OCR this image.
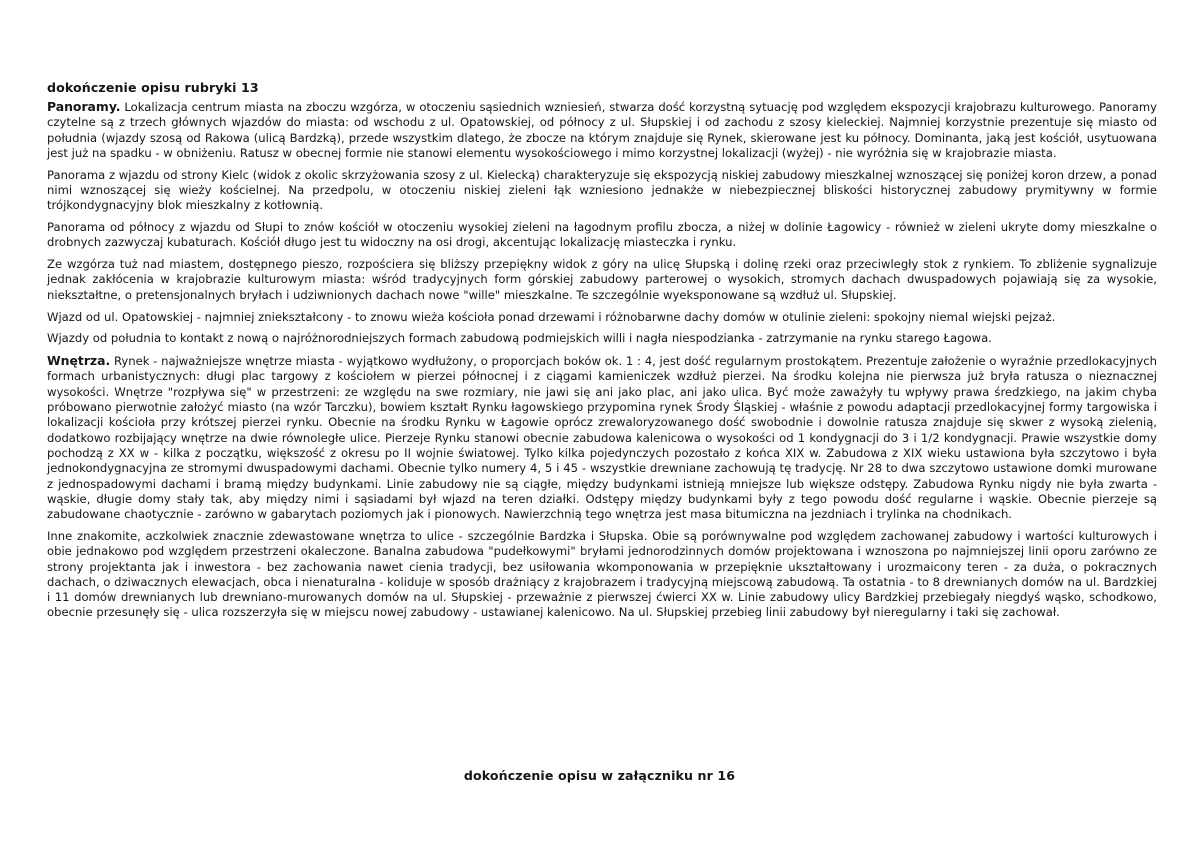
dokończenie opisu rubryki 13

Panoramy. Lokalizacja centrum miasta na zboczu wzgórza, w otoczeniu sąsiednich wzniesień, stwarza dość korzystną sytuację pod względem ekspozycji krajobrazu kulturowego. Panoramy czytelne są z trzech głównych wjazdów do miasta: od wschodu z ul. Opatowskiej, od północy z ul. Słupskiej i od zachodu z szosy kieleckiej. Najmniej korzystnie prezentuje się miasto od południa (wjazdy szosą od Rakowa (ulicą Bardzką), przede wszystkim dlatego, że zbocze na którym znajduje się Rynek, skierowane jest ku północy. Dominanta, jaką jest kościół, usytuowana jest już na spadku - w obniżeniu. Ratusz w obecnej formie nie stanowi elementu wysokościowego i mimo korzystnej lokalizacji (wyżej) - nie wyróżnia się w krajobrazie miasta.

Panorama z wjazdu od strony Kielc (widok z okolic skrzyżowania szosy z ul. Kielecką) charakteryzuje się ekspozycją niskiej zabudowy mieszkalnej wznoszącej się poniżej koron drzew, a ponad nimi wznoszącej się wieży kościelnej. Na przedpolu, w otoczeniu niskiej zieleni łąk wzniesiono jednakże w niebezpiecznej bliskości historycznej zabudowy prymitywny w formie trójkondygnacyjny blok mieszkalny z kotłownią.

Panorama od północy z wjazdu od Słupi to znów kościół w otoczeniu wysokiej zieleni na łagodnym profilu zbocza, a niżej w dolinie Łagowicy - również w zieleni ukryte domy mieszkalne o drobnych zazwyczaj kubaturach. Kościół długo jest tu widoczny na osi drogi, akcentując lokalizację miasteczka i rynku.

Ze wzgórza tuż nad miastem, dostępnego pieszo, rozpościera się bliższy przepiękny widok z góry na ulicę Słupską i dolinę rzeki oraz przeciwległy stok z rynkiem. To zbliżenie sygnalizuje jednak zakłócenia w krajobrazie kulturowym miasta: wśród tradycyjnych form górskiej zabudowy parterowej o wysokich, stromych dachach dwuspadowych pojawiają się za wysokie, niekształtne, o pretensjonalnych bryłach i udziwnionych dachach nowe "wille" mieszkalne. Te szczególnie wyeksponowane są wzdłuż ul. Słupskiej.

Wjazd od ul. Opatowskiej - najmniej zniekształcony - to znowu wieża kościoła ponad drzewami i różnobarwne dachy domów w otulinie zieleni: spokojny niemal wiejski pejzaż.

Wjazdy od południa to kontakt z nową o najróżnorodniejszych formach zabudową podmiejskich willi i nagła niespodzianka - zatrzymanie na rynku starego Łagowa.

Wnętrza. Rynek - najważniejsze wnętrze miasta - wyjątkowo wydłużony, o proporcjach boków ok. 1 : 4, jest dość regularnym prostokątem. Prezentuje założenie o wyraźnie przedlokacyjnych formach urbanistycznych: długi plac targowy z kościołem w pierzei północnej i z ciągami kamieniczek wzdłuż pierzei. Na środku kolejna nie pierwsza już bryła ratusza o nieznacznej wysokości. Wnętrze "rozpływa się" w przestrzeni: ze względu na swe rozmiary, nie jawi się ani jako plac, ani jako ulica. Być może zaważyły tu wpływy prawa średzkiego, na jakim chyba próbowano pierwotnie założyć miasto (na wzór Tarczku), bowiem kształt Rynku łagowskiego przypomina rynek Środy Śląskiej - właśnie z powodu adaptacji przedlokacyjnej formy targowiska i lokalizacji kościoła przy krótszej pierzei rynku. Obecnie na środku Rynku w Łagowie oprócz zrewaloryzowanego dość swobodnie i dowolnie ratusza znajduje się skwer z wysoką zielenią, dodatkowo rozbijający wnętrze na dwie równoległe ulice. Pierzeje Rynku stanowi obecnie zabudowa kalenicowa o wysokości od 1 kondygnacji do 3 i 1/2 kondygnacji. Prawie wszystkie domy pochodzą z XX w - kilka z początku, większość z okresu po II wojnie światowej. Tylko kilka pojedynczych pozostało z końca XIX w. Zabudowa z XIX wieku ustawiona była szczytowo i była jednokondygnacyjna ze stromymi dwuspadowymi dachami. Obecnie tylko numery 4, 5 i 45 - wszystkie drewniane zachowują tę tradycję. Nr 28 to dwa szczytowo ustawione domki murowane z jednospadowymi dachami i bramą między budynkami. Linie zabudowy nie są ciągłe, między budynkami istnieją mniejsze lub większe odstępy. Zabudowa Rynku nigdy nie była zwarta - wąskie, długie domy stały tak, aby między nimi i sąsiadami był wjazd na teren działki. Odstępy między budynkami były z tego powodu dość regularne i wąskie. Obecnie pierzeje są zabudowane chaotycznie - zarówno w gabarytach poziomych jak i pionowych. Nawierzchnią tego wnętrza jest masa bitumiczna na jezdniach i trylinka na chodnikach.

Inne znakomite, aczkolwiek znacznie zdewastowane wnętrza to ulice - szczególnie Bardzka i Słupska. Obie są porównywalne pod względem zachowanej zabudowy i wartości kulturowych i obie jednakowo pod względem przestrzeni okaleczone. Banalna zabudowa "pudełkowymi" bryłami jednorodzinnych domów projektowana i wznoszona po najmniejszej linii oporu zarówno ze strony projektanta jak i inwestora - bez zachowania nawet cienia tradycji, bez usiłowania wkomponowania w przepięknie ukształtowany i urozmaicony teren - za duża, o pokracznych dachach, o dziwacznych elewacjach, obca i nienaturalna - koliduje w sposób drażniący z krajobrazem i tradycyjną miejscową zabudową. Ta ostatnia - to 8 drewnianych domów na ul. Bardzkiej i 11 domów drewnianych lub drewniano-murowanych domów na ul. Słupskiej - przeważnie z pierwszej ćwierci XX w. Linie zabudowy ulicy Bardzkiej przebiegały niegdyś wąsko, schodkowo, obecnie przesunęły się - ulica rozszerzyła się w miejscu nowej zabudowy - ustawianej kalenicowo. Na ul. Słupskiej przebieg linii zabudowy był nieregularny i taki się zachował.

dokończenie opisu w załączniku nr 16
